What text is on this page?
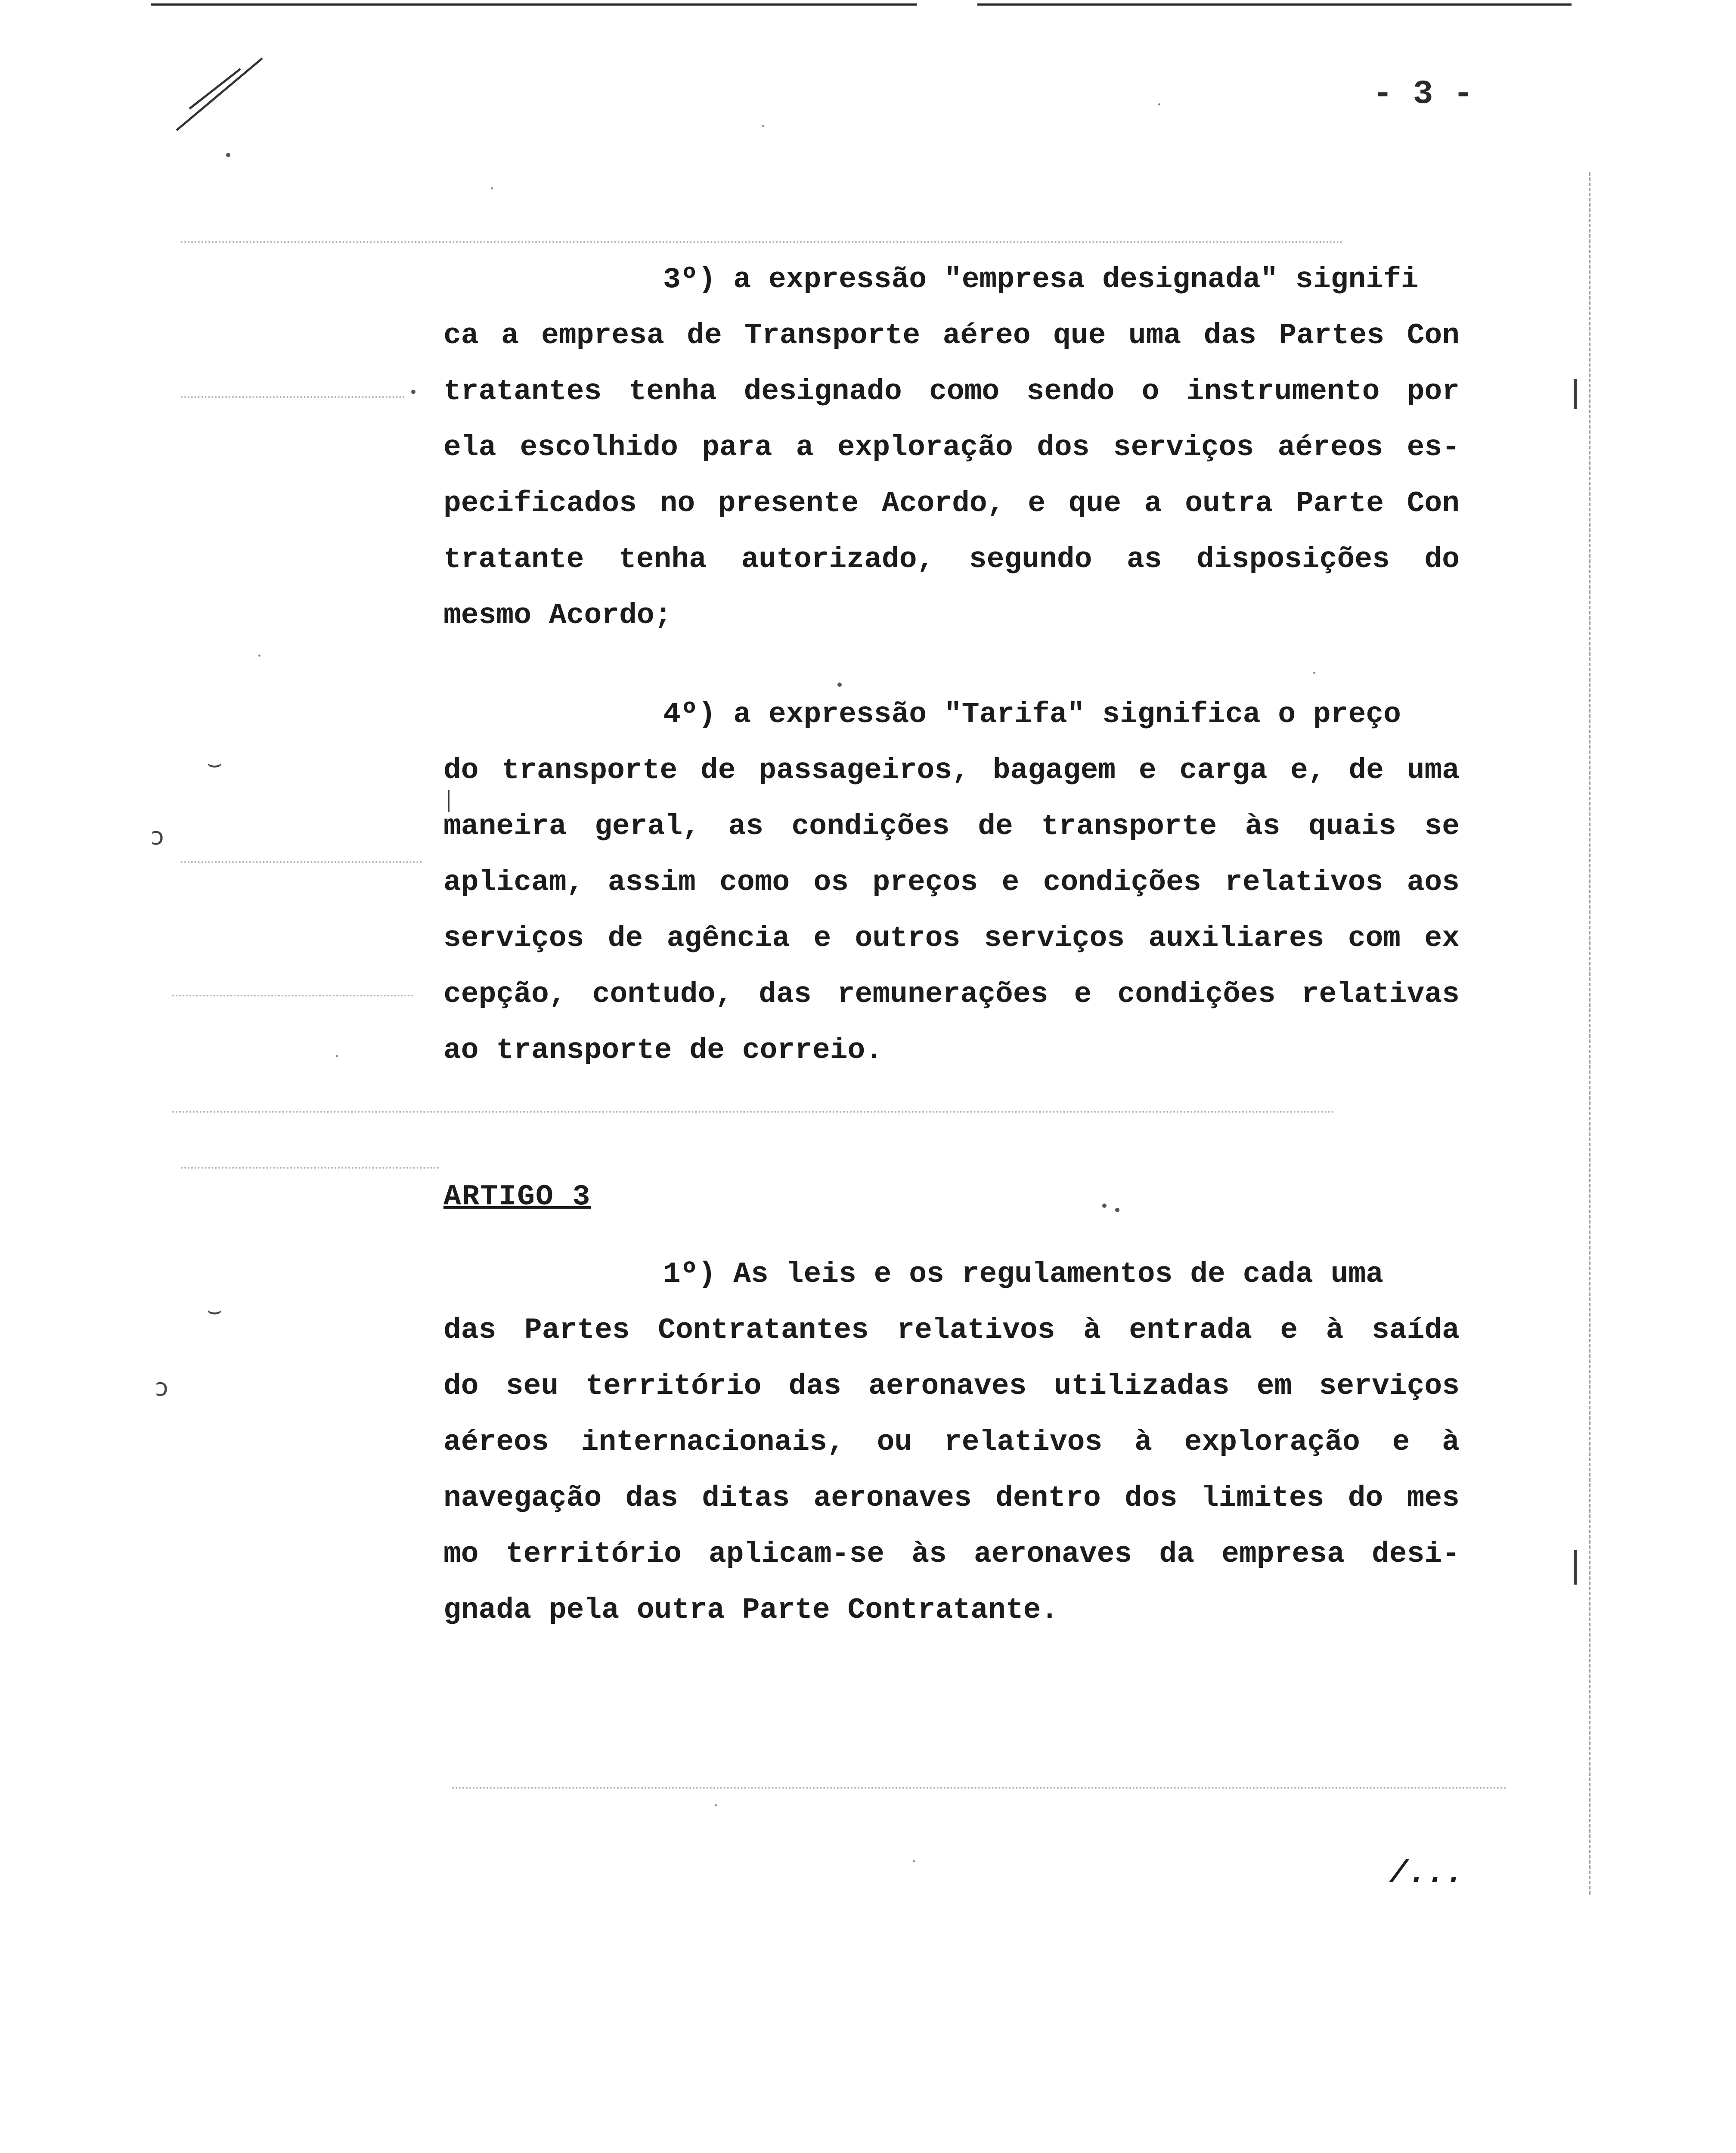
⌣
ↄ
⌣
ↄ
- 3 -
3º) a expressão "empresa designada" signifi
ca a empresa de Transporte aéreo que uma das Partes Con
tratantes tenha designado como sendo o instrumento por
ela escolhido para a exploração dos serviços aéreos es-
pecificados no presente Acordo, e que a outra Parte Con
tratante tenha autorizado, segundo as disposições do
mesmo Acordo;
4º) a expressão "Tarifa" significa o preço
do transporte de passageiros, bagagem e carga e, de uma
maneira geral, as condições de transporte às quais se
aplicam, assim como os preços e condições relativos aos
serviços de agência e outros serviços auxiliares com ex
cepção, contudo, das remunerações e condições relativas
ao transporte de correio.
ARTIGO 3
1º) As leis e os regulamentos de cada uma
das Partes Contratantes relativos à entrada e à saída
do seu território das aeronaves utilizadas em serviços
aéreos internacionais, ou relativos à exploração e à
navegação das ditas aeronaves dentro dos limites do mes
mo território aplicam-se às aeronaves da empresa desi-
gnada pela outra Parte Contratante.
/...
